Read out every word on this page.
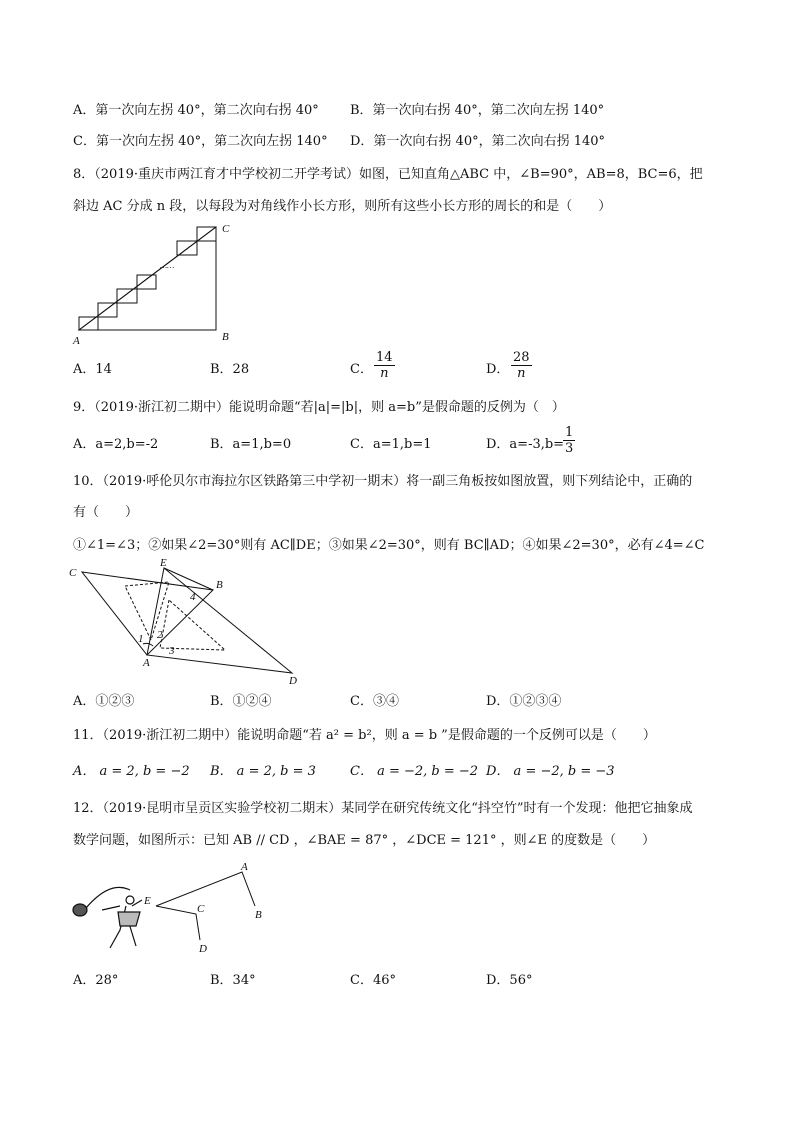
A．第一次向左拐 40°，第二次向右拐 40° B．第一次向右拐 40°，第二次向左拐 140°
C．第一次向左拐 40°，第二次向左拐 140° D．第一次向右拐 40°，第二次向右拐 140°
8．（2019·重庆市两江育才中学校初二开学考试）如图，已知直角△ABC 中，∠B=90°，AB=8，BC=6，把
斜边 AC 分成 n 段，以每段为对角线作小长方形，则所有这些小长方形的周长的和是（　　）
……
A	B
C
A．14	B．28	C． $\frac{14}{n}$	D． $\frac{28}{n}$
9．（2019·浙江初二期中）能说明命题“若|a|=|b|，则 a=b”是假命题的反例为（　）
A．a=2,b=-2	B．a=1,b=0	C．a=1,b=1	D．a=-3,b=
$\frac{1}{3}$
10．（2019·呼伦贝尔市海拉尔区铁路第三中学初一期末）将一副三角板按如图放置，则下列结论中，正确的
有（　　）
①∠1=∠3；②如果∠2=30°则有 AC∥DE；③如果∠2=30°，则有 BC∥AD；④如果∠2=30°，必有∠4=∠C
C
E
B
4
1 2
3
A
D
A．①②③	B．①②④	C．③④	D．①②③④
11．（2019·浙江初二期中）能说明命题“若 a² = b²，则 a = b ”是假命题的一个反例可以是（　　）
A． a = 2, b = −2 B． a = 2, b = 3	C． a = −2, b = −2 D． a = −2, b = −3
12．（2019·昆明市呈贡区实验学校初二期末）某同学在研究传统文化“抖空竹”时有一个发现：他把它抽象成
数学问题，如图所示：已知 AB // CD ，∠BAE = 87° ，∠DCE = 121° ，则∠E 的度数是（　　）
E
A
B
C
D
A．28°	B．34°	C．46°	D．56°
